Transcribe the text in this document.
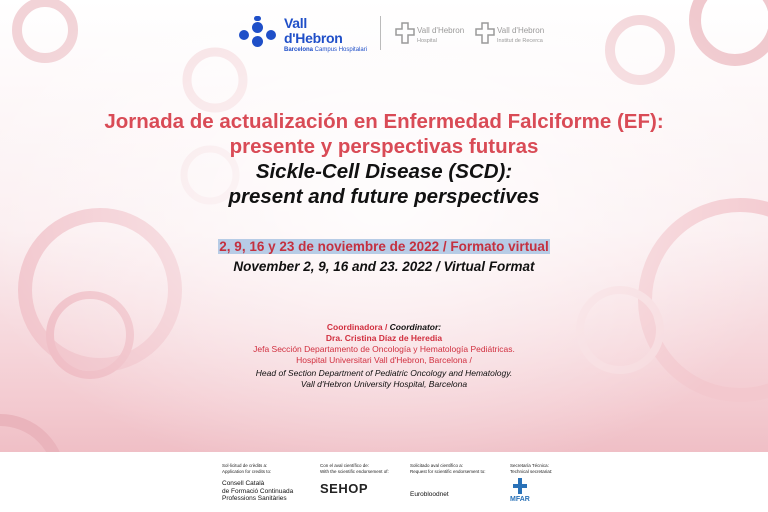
Vall
d'Hebron
Barcelona Campus Hospitalari
Vall d'Hebron
Hospital
Vall d'Hebron
Institut de Recerca
Jornada de actualización en Enfermedad Falciforme (EF):
presente y perspectivas futuras
Sickle-Cell Disease (SCD):
present and future perspectives
2, 9, 16 y 23 de noviembre de 2022 / Formato virtual
November 2, 9, 16 and 23. 2022 / Virtual Format
Coordinadora / Coordinator:
Dra. Cristina Díaz de Heredia
Jefa Sección Departamento de Oncología y Hematología Pediátricas.
Hospital Universitari Vall d'Hebron, Barcelona /
Head of Section Department of Pediatric Oncology and Hematology.
Vall d'Hebron University Hospital, Barcelona
Sol·licitud de crèdits a:
Application for credits to:
Consell Català
de Formació Continuada
Professions Sanitàries
Con el aval científico de:
With the scientific endorsement of:
SEHOP
Solicitado aval científico a:
Request for scientific endorsement to:
Eurobloodnet
Secretaría Técnica:
Technical secretariat:
MFAR
